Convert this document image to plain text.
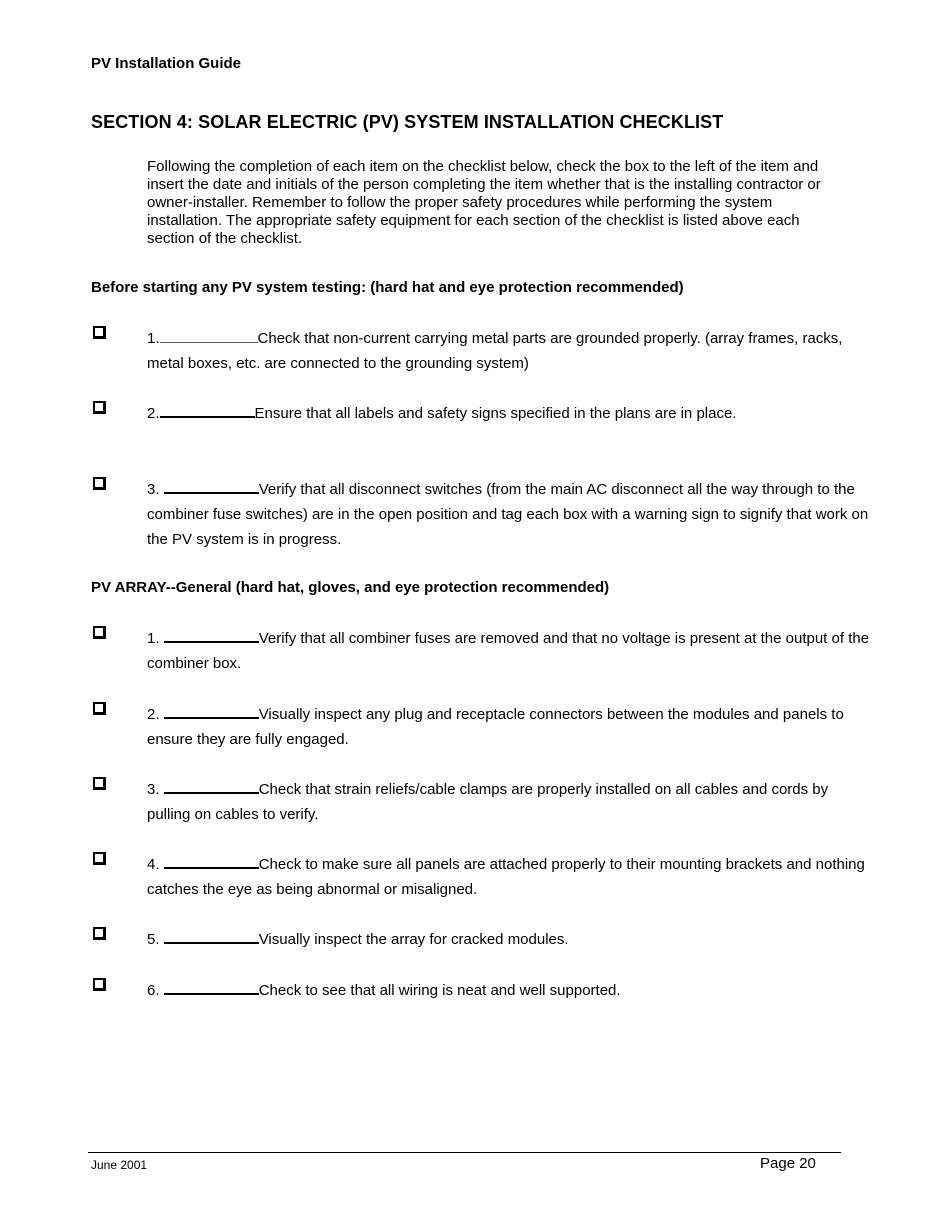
PV Installation Guide
SECTION 4: SOLAR ELECTRIC (PV) SYSTEM INSTALLATION CHECKLIST
Following the completion of each item on the checklist below, check the box to the left of the item and insert the date and initials of the person completing the item whether that is the installing contractor or owner-installer. Remember to follow the proper safety procedures while performing the system installation. The appropriate safety equipment for each section of the checklist is listed above each section of the checklist.
Before starting any PV system testing: (hard hat and eye protection recommended)
1.	Check that non-current carrying metal parts are grounded properly. (array frames, racks, metal boxes, etc. are connected to the grounding system)
2.	Ensure that all labels and safety signs specified in the plans are in place.
3.	Verify that all disconnect switches (from the main AC disconnect all the way through to the combiner fuse switches) are in the open position and tag each box with a warning sign to signify that work on the PV system is in progress.
PV ARRAY--General (hard hat, gloves, and eye protection recommended)
1.	Verify that all combiner fuses are removed and that no voltage is present at the output of the combiner box.
2.	Visually inspect any plug and receptacle connectors between the modules and panels to ensure they are fully engaged.
3.	Check that strain reliefs/cable clamps are properly installed on all cables and cords by pulling on cables to verify.
4.	Check to make sure all panels are attached properly to their mounting brackets and nothing catches the eye as being abnormal or misaligned.
5.	Visually inspect the array for cracked modules.
6.	Check to see that all wiring is neat and well supported.
June 2001	Page 20
